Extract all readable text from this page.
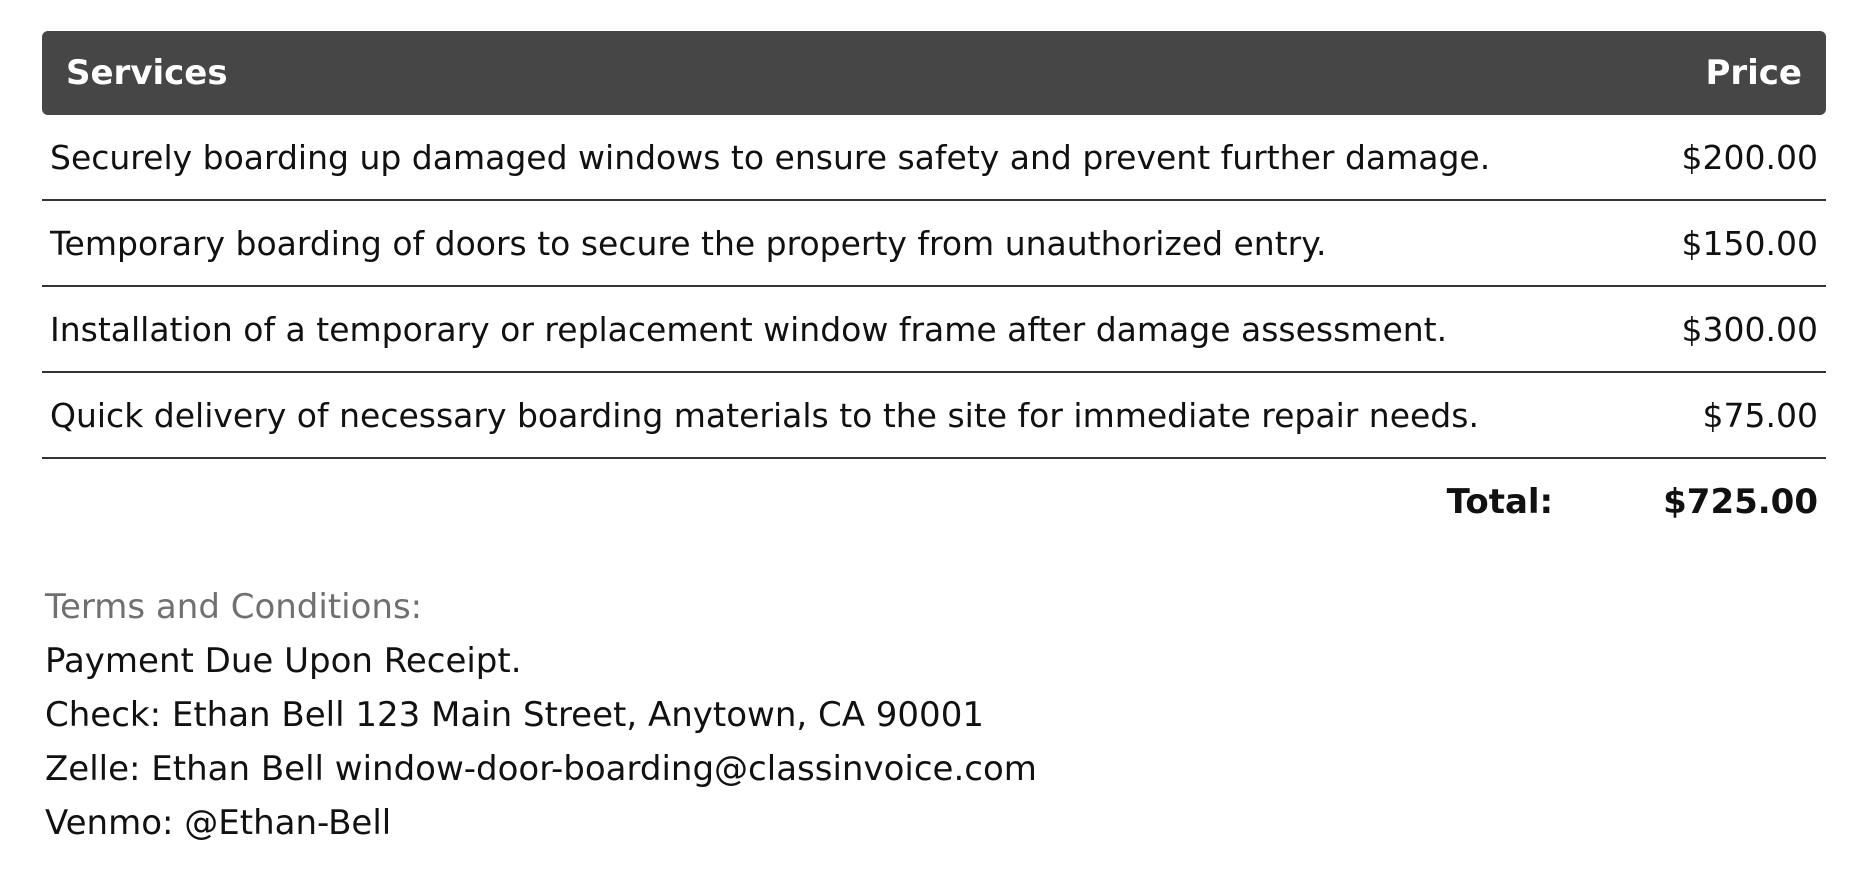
Services	Price
Securely boarding up damaged windows to ensure safety and prevent further damage.	$200.00
Temporary boarding of doors to secure the property from unauthorized entry.	$150.00
Installation of a temporary or replacement window frame after damage assessment.	$300.00
Quick delivery of necessary boarding materials to the site for immediate repair needs.	$75.00
Total:	$725.00
Terms and Conditions:
Payment Due Upon Receipt.
Check: Ethan Bell 123 Main Street, Anytown, CA 90001
Zelle: Ethan Bell window-door-boarding@classinvoice.com
Venmo: @Ethan-Bell
